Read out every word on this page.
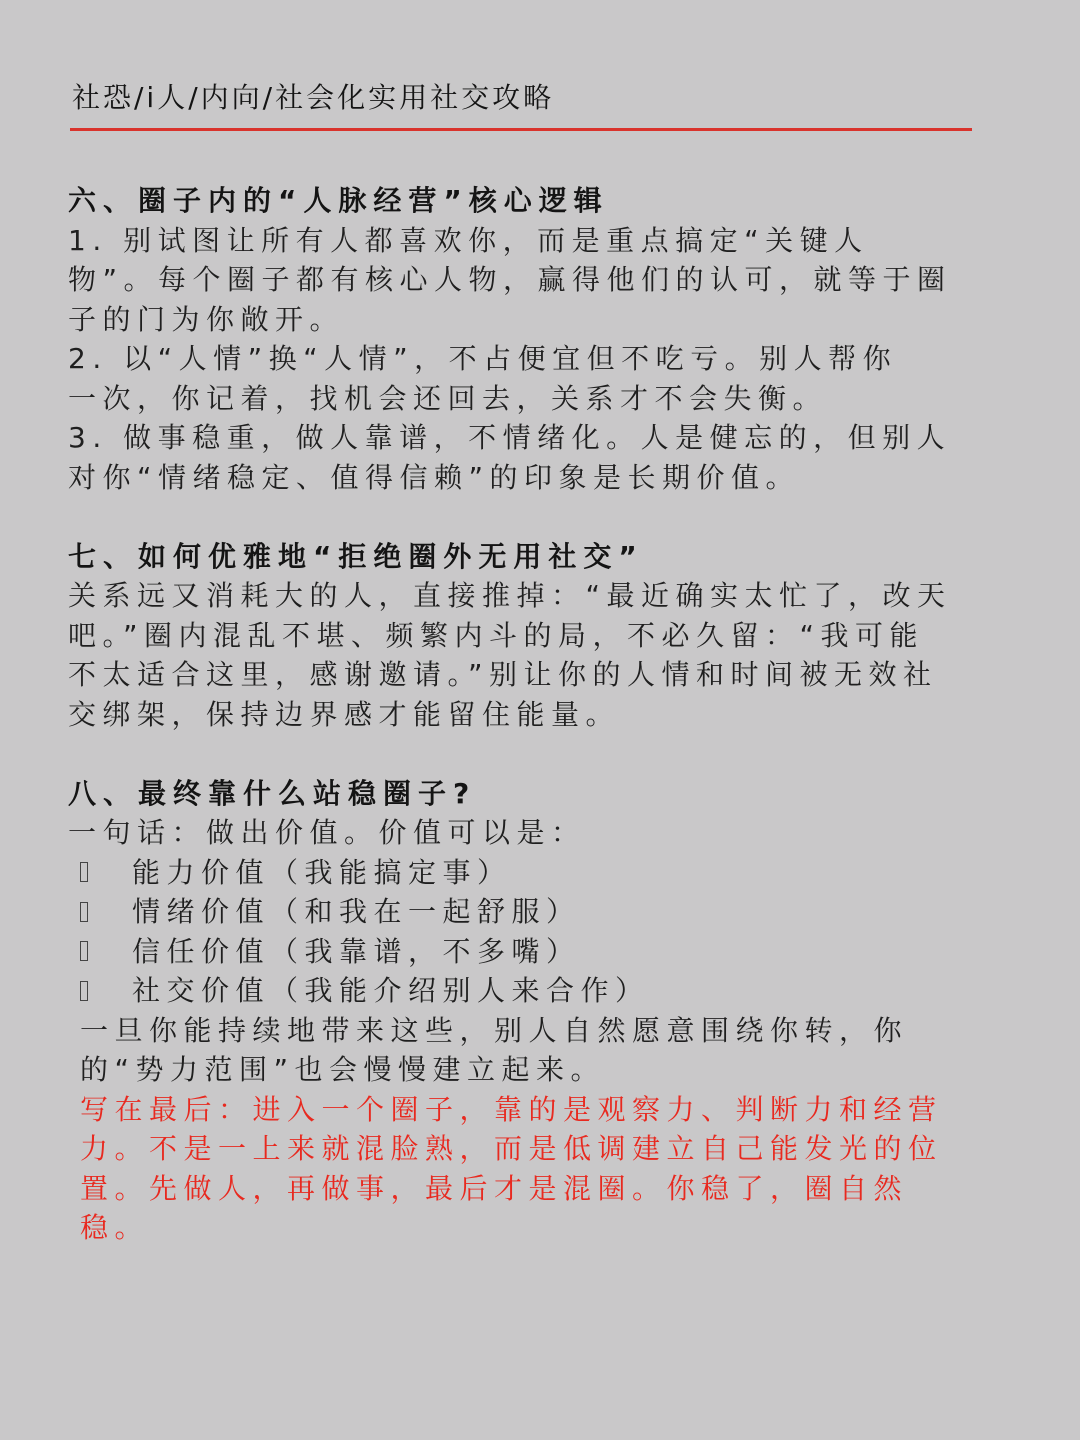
社恐/i人/内向/社会化实用社交攻略

六、圈子内的“人脉经营”核心逻辑

1. 别试图让所有人都喜欢你，而是重点搞定“关键人

物”。每个圈子都有核心人物，赢得他们的认可，就等于圈

子的门为你敞开。

2. 以“人情”换“人情”，不占便宜但不吃亏。别人帮你

一次，你记着，找机会还回去，关系才不会失衡。

3. 做事稳重，做人靠谱，不情绪化。人是健忘的，但别人

对你“情绪稳定、值得信赖”的印象是长期价值。

七、如何优雅地“拒绝圈外无用社交”

关系远又消耗大的人，直接推掉：“最近确实太忙了，改天

吧。”圈内混乱不堪、频繁内斗的局，不必久留：“我可能

不太适合这里，感谢邀请。”别让你的人情和时间被无效社

交绑架，保持边界感才能留住能量。

八、最终靠什么站稳圈子?

一句话：做出价值。价值可以是：

能力价值（我能搞定事）

情绪价值（和我在一起舒服）

信任价值（我靠谱，不多嘴）

社交价值（我能介绍别人来合作）

一旦你能持续地带来这些，别人自然愿意围绕你转，你

的“势力范围”也会慢慢建立起来。

写在最后：进入一个圈子，靠的是观察力、判断力和经营

力。不是一上来就混脸熟，而是低调建立自己能发光的位

置。先做人，再做事，最后才是混圈。你稳了，圈自然稳。
